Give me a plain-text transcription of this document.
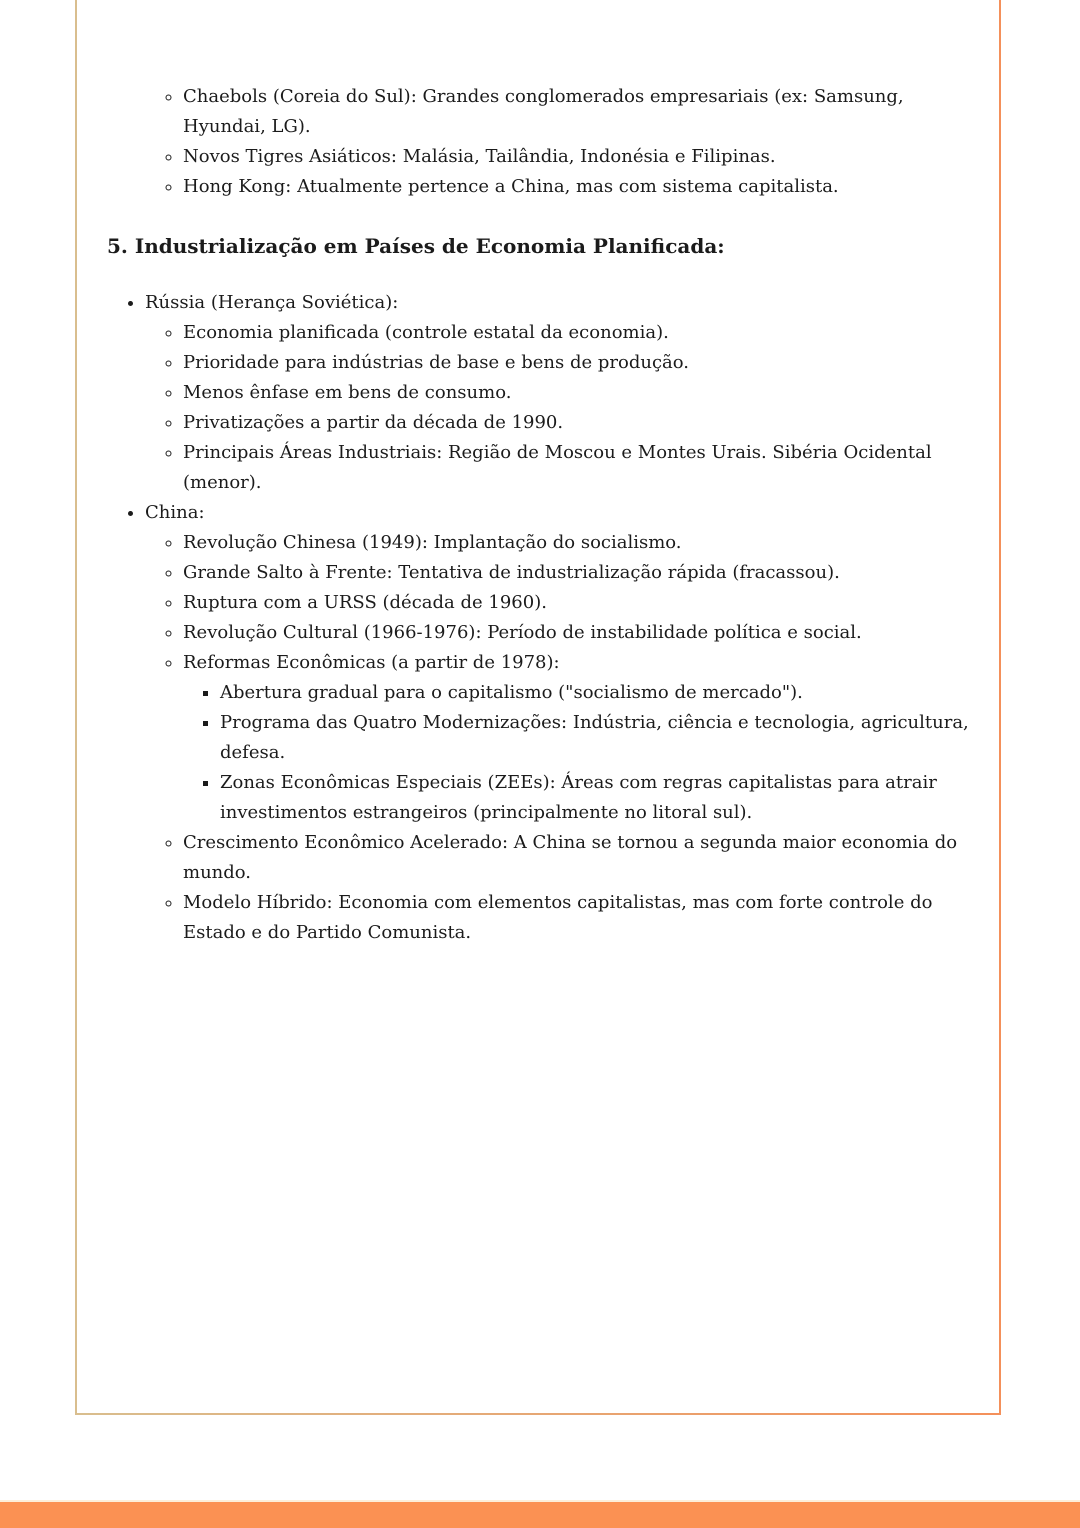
◦ Chaebols (Coreia do Sul): Grandes conglomerados empresariais (ex: Samsung, Hyundai, LG).
◦ Novos Tigres Asiáticos: Malásia, Tailândia, Indonésia e Filipinas.
◦ Hong Kong: Atualmente pertence a China, mas com sistema capitalista.
5. Industrialização em Países de Economia Planificada:
• Rússia (Herança Soviética):
◦ Economia planificada (controle estatal da economia).
◦ Prioridade para indústrias de base e bens de produção.
◦ Menos ênfase em bens de consumo.
◦ Privatizações a partir da década de 1990.
◦ Principais Áreas Industriais: Região de Moscou e Montes Urais. Sibéria Ocidental (menor).
• China:
◦ Revolução Chinesa (1949): Implantação do socialismo.
◦ Grande Salto à Frente: Tentativa de industrialização rápida (fracassou).
◦ Ruptura com a URSS (década de 1960).
◦ Revolução Cultural (1966-1976): Período de instabilidade política e social.
◦ Reformas Econômicas (a partir de 1978):
▪ Abertura gradual para o capitalismo ("socialismo de mercado").
▪ Programa das Quatro Modernizações: Indústria, ciência e tecnologia, agricultura, defesa.
▪ Zonas Econômicas Especiais (ZEEs): Áreas com regras capitalistas para atrair investimentos estrangeiros (principalmente no litoral sul).
◦ Crescimento Econômico Acelerado: A China se tornou a segunda maior economia do mundo.
◦ Modelo Híbrido: Economia com elementos capitalistas, mas com forte controle do Estado e do Partido Comunista.
